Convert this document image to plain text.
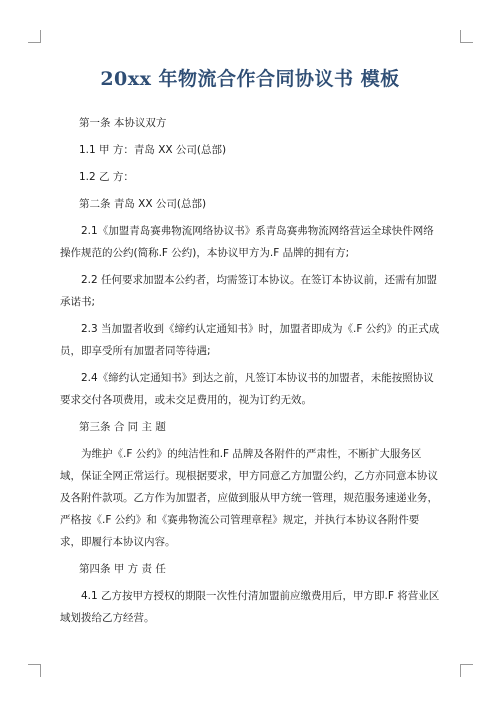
20xx 年物流合作合同协议书 模板

第一条 本协议双方

1.1 甲 方：青岛 XX 公司(总部)

1.2 乙 方：

第二条 青岛 XX 公司(总部)

2.1《加盟青岛赛弗物流网络协议书》系青岛赛弗物流网络营运全球快件网络操作规范的公约(简称.F 公约)，本协议甲方为.F 品牌的拥有方;

2.2 任何要求加盟本公约者，均需签订本协议。在签订本协议前，还需有加盟承诺书;

2.3 当加盟者收到《缔约认定通知书》时，加盟者即成为《.F 公约》的正式成员，即享受所有加盟者同等待遇;

2.4《缔约认定通知书》到达之前，凡签订本协议书的加盟者，未能按照协议要求交付各项费用，或未交足费用的，视为订约无效。

第三条 合 同 主 题

为维护《.F 公约》的纯洁性和.F 品牌及各附件的严肃性，不断扩大服务区域，保证全网正常运行。现根据要求，甲方同意乙方加盟公约，乙方亦同意本协议及各附件款项。乙方作为加盟者，应做到服从甲方统一管理，规范服务速递业务，严格按《.F 公约》和《赛弗物流公司管理章程》规定，并执行本协议各附件要求，即履行本协议内容。

第四条 甲 方 责 任

4.1 乙方按甲方授权的期限一次性付清加盟前应缴费用后，甲方即.F 将营业区域划拨给乙方经营。
